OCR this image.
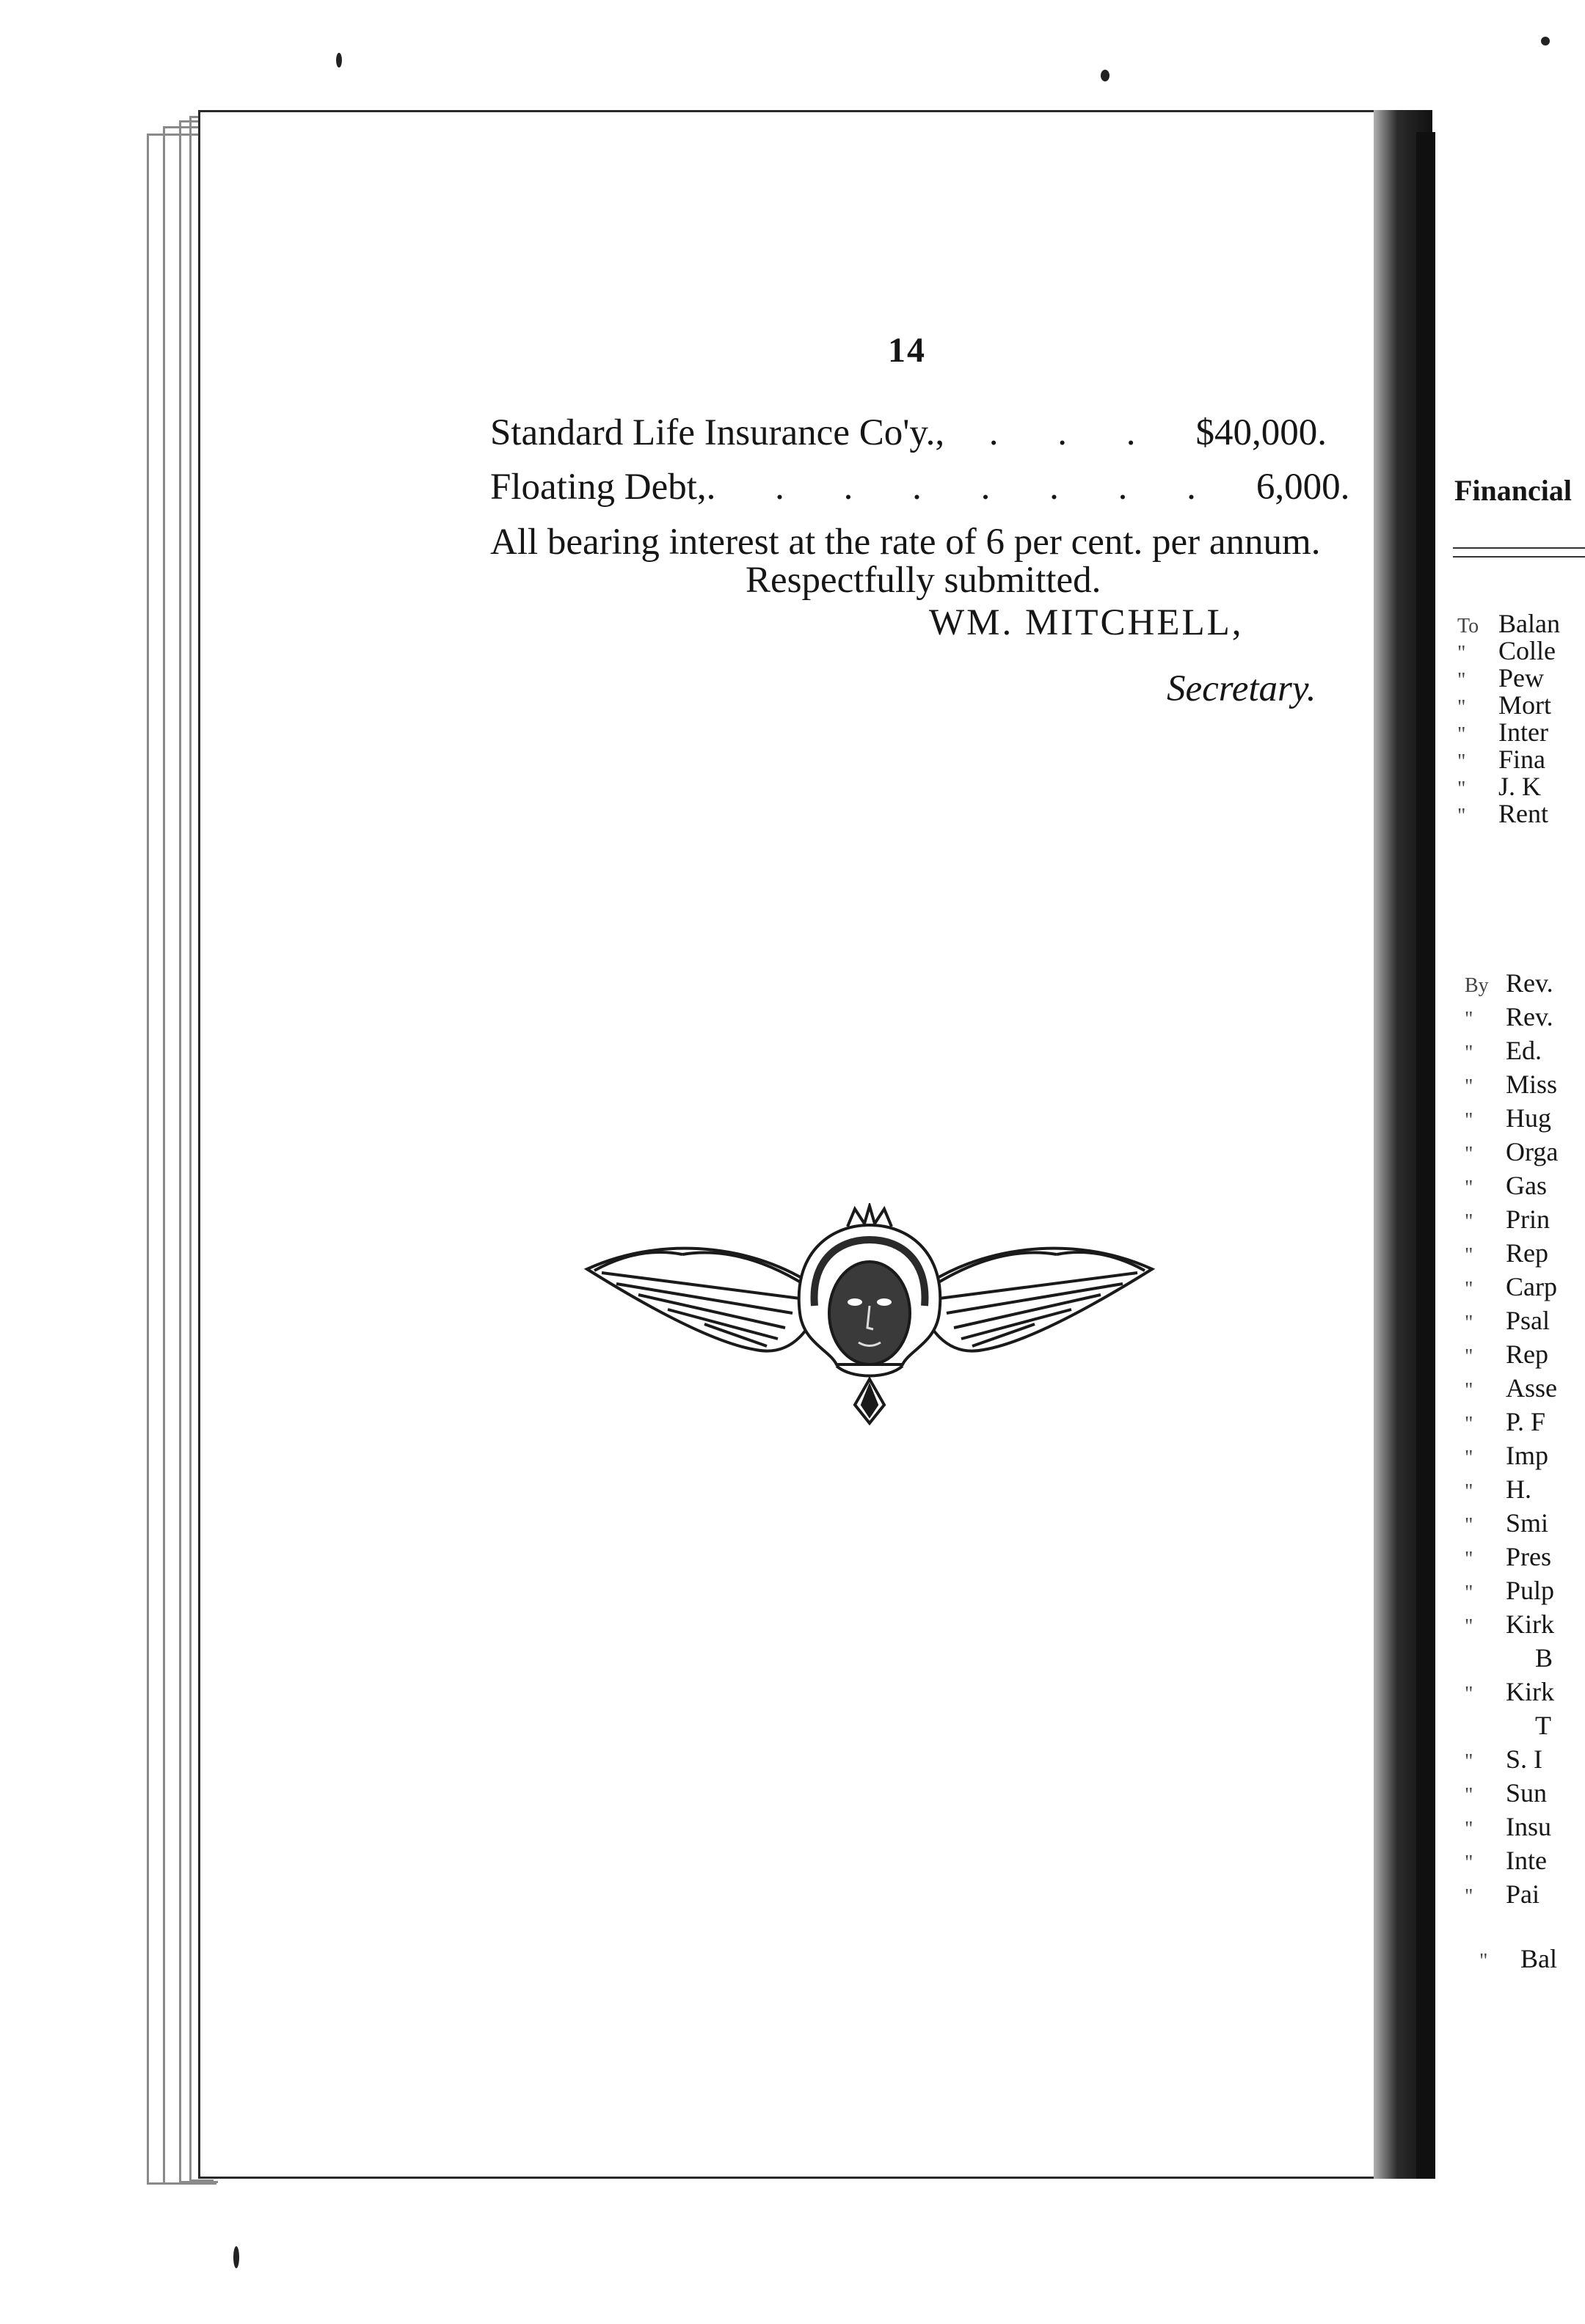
14
Standard Life Insurance Co'y.,	. . . $40,000.
Floating Debt, . . . . . . . . 6,000.
All bearing interest at the rate of 6 per cent. per annum.
Respectfully submitted.
WM. MITCHELL,
Secretary.
Financial
To Balan
" Colle
" Pew
" Mort
" Inter
" Fina
" J. K
" Rent
By Rev.
" Rev.
" Ed.
" Miss
" Hug
" Orga
" Gas
" Prin
" Rep
" Carp
" Psal
" Rep
" Asse
" P. F
" Imp
" H.
" Smi
" Pres
" Pulp
" Kirk
B
" Kirk
T
" S. I
" Sun
" Insu
" Inte
" Pai
" Bal
